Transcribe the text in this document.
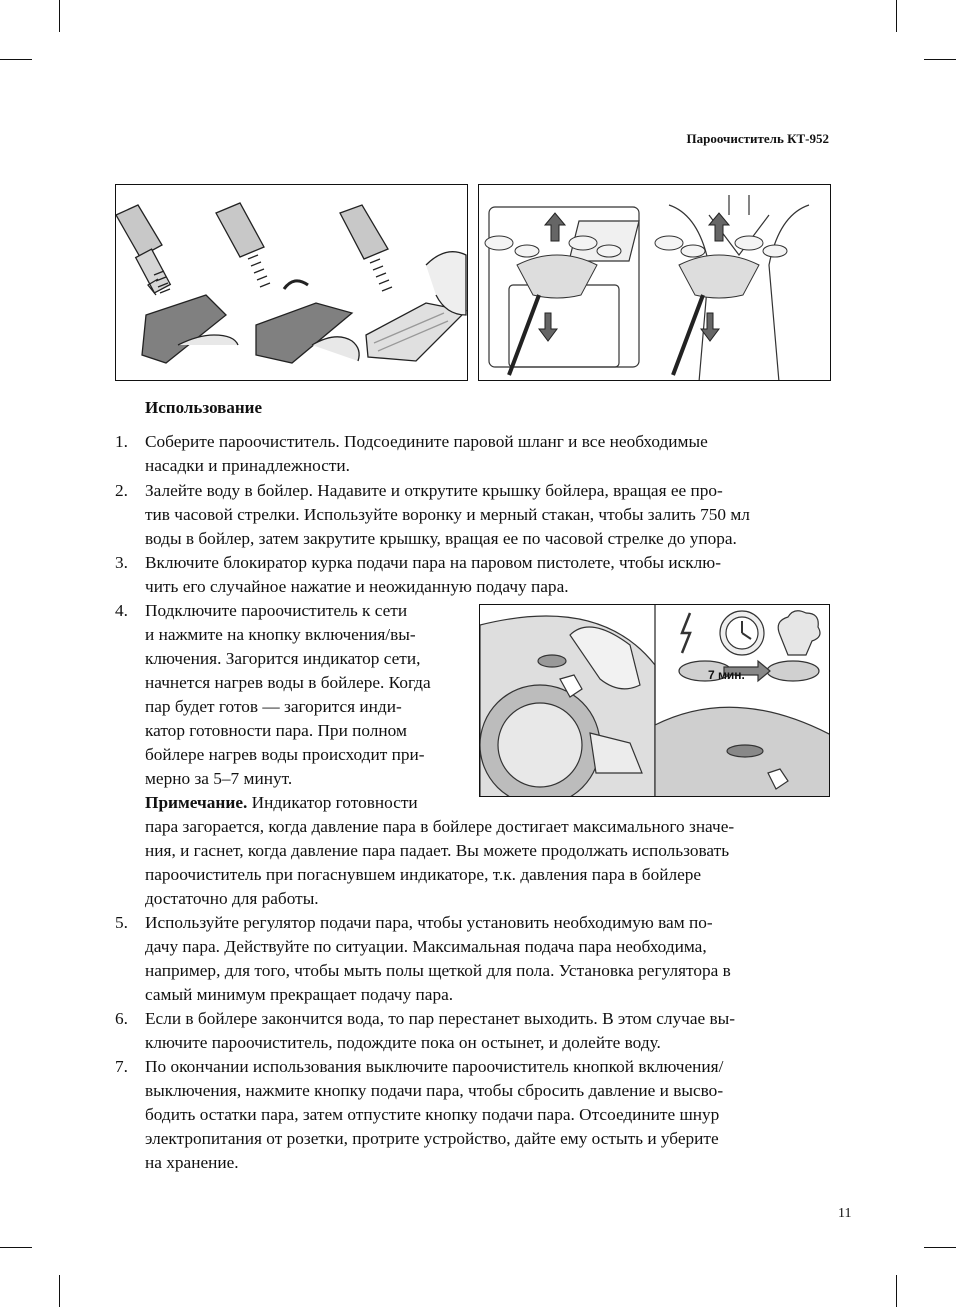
Пароочиститель КТ-952
Использование
1. Соберите пароочиститель. Подсоедините паровой шланг и все необходимые
насадки и принадлежности.
2. Залейте воду в бойлер. Надавите и открутите крышку бойлера, вращая ее про-
тив часовой стрелки. Используйте воронку и мерный стакан, чтобы залить 750 мл
воды в бойлер, затем закрутите крышку, вращая ее по часовой стрелке до упора.
3. Включите блокиратор курка подачи пара на паровом пистолете, чтобы исклю-
чить его случайное нажатие и неожиданную подачу пара.
4. Подключите пароочиститель к сети
и нажмите на кнопку включения/вы-
ключения. Загорится индикатор сети,
начнется нагрев воды в бойлере. Когда
пар будет готов — загорится инди-
катор готовности пара. При полном
бойлере нагрев воды происходит при-
мерно за 5–7 минут.
Примечание. Индикатор готовности
пара загорается, когда давление пара в бойлере достигает максимального значе-
ния, и гаснет, когда давление пара падает. Вы можете продолжать использовать
пароочиститель при погаснувшем индикаторе, т.к. давления пара в бойлере
достаточно для работы.
7 мин.
5. Используйте регулятор подачи пара, чтобы установить необходимую вам по-
дачу пара. Действуйте по ситуации. Максимальная подача пара необходима,
например, для того, чтобы мыть полы щеткой для пола. Установка регулятора в
самый минимум прекращает подачу пара.
6. Если в бойлере закончится вода, то пар перестанет выходить. В этом случае вы-
ключите пароочиститель, подождите пока он остынет, и долейте воду.
7. По окончании использования выключите пароочиститель кнопкой включения/
выключения, нажмите кнопку подачи пара, чтобы сбросить давление и высво-
бодить остатки пара, затем отпустите кнопку подачи пара. Отсоедините шнур
электропитания от розетки, протрите устройство, дайте ему остыть и уберите
на хранение.
11
